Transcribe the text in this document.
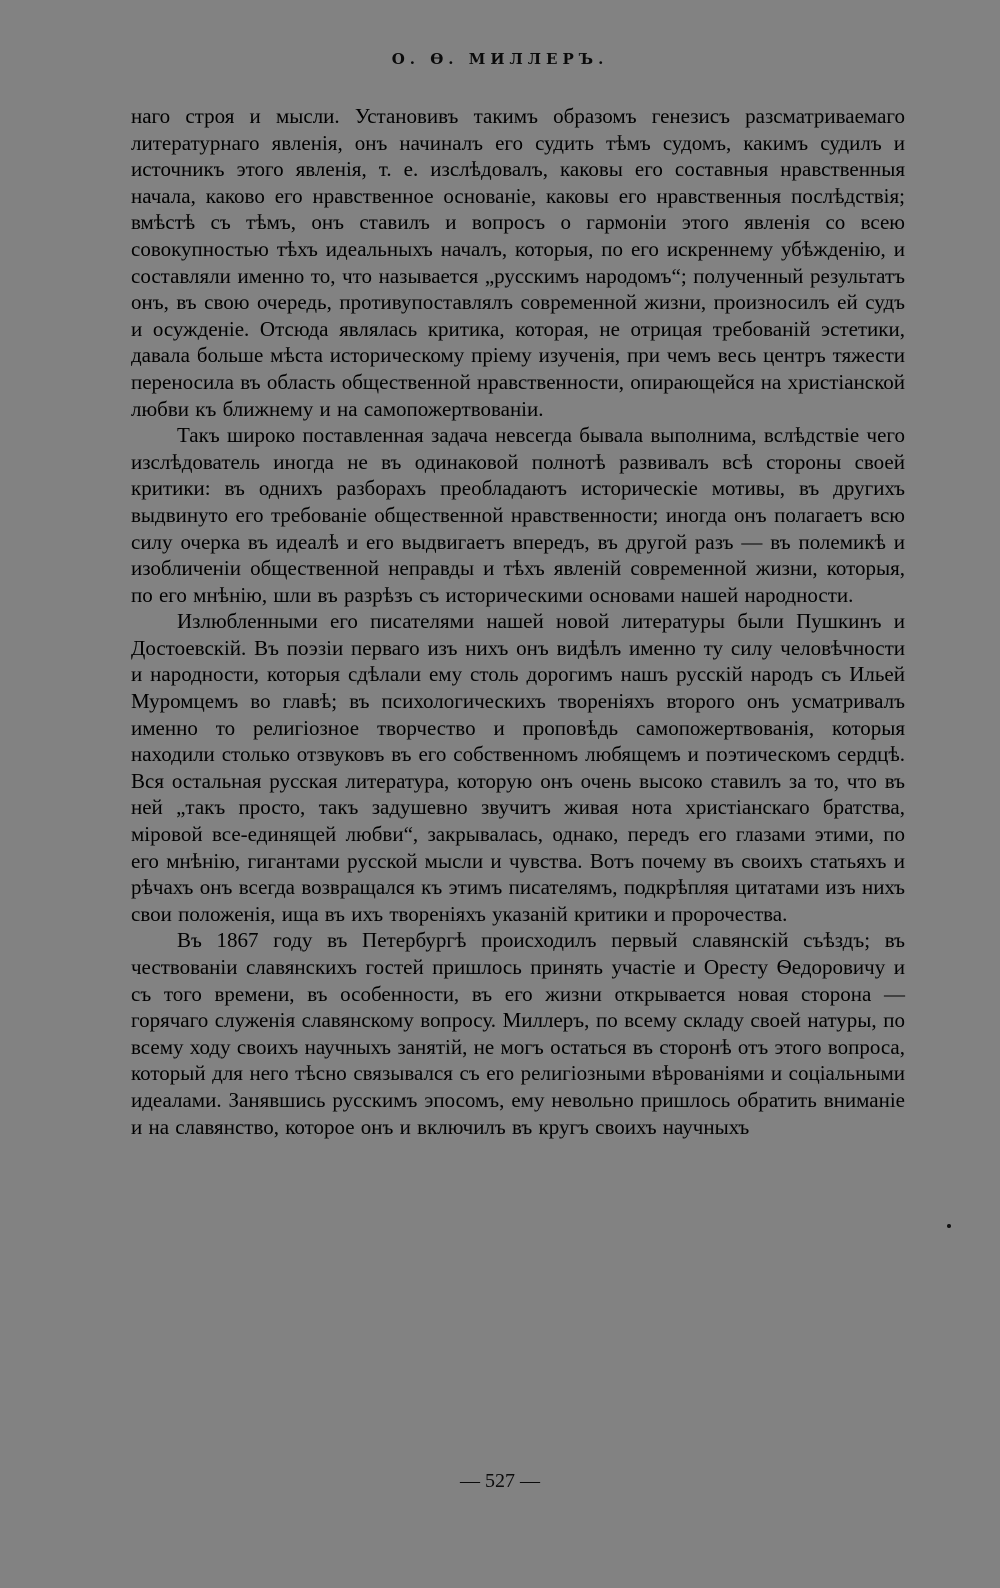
О. Ѳ. МИЛЛЕРЪ.

наго строя и мысли. Установивъ такимъ образомъ генезисъ разсматриваемаго литературнаго явленія, онъ начиналъ его судить тѣмъ судомъ, какимъ судилъ и источникъ этого явленія, т. е. изслѣдовалъ, каковы его составныя нравственныя начала, каково его нравственное основаніе, каковы его нравственныя послѣдствія; вмѣстѣ съ тѣмъ, онъ ставилъ и вопросъ о гармоніи этого явленія со всею совокупностью тѣхъ идеальныхъ началъ, которыя, по его искреннему убѣжденію, и составляли именно то, что называется „русскимъ народомъ“; полученный результатъ онъ, въ свою очередь, противупоставлялъ современной жизни, произносилъ ей судъ и осужденіе. Отсюда являлась критика, которая, не отрицая требованій эстетики, давала больше мѣста историческому пріему изученія, при чемъ весь центръ тяжести переносила въ область общественной нравственности, опирающейся на христіанской любви къ ближнему и на самопожертвованіи.

Такъ широко поставленная задача невсегда бывала выполнима, вслѣдствіе чего изслѣдователь иногда не въ одинаковой полнотѣ развивалъ всѣ стороны своей критики: въ однихъ разборахъ преобладаютъ историческіе мотивы, въ другихъ выдвинуто его требованіе общественной нравственности; иногда онъ полагаетъ всю силу очерка въ идеалѣ и его выдвигаетъ впередъ, въ другой разъ — въ полемикѣ и изобличеніи общественной неправды и тѣхъ явленій современной жизни, которыя, по его мнѣнію, шли въ разрѣзъ съ историческими основами нашей народности.

Излюбленными его писателями нашей новой литературы были Пушкинъ и Достоевскій. Въ поэзіи перваго изъ нихъ онъ видѣлъ именно ту силу человѣчности и народности, которыя сдѣлали ему столь дорогимъ нашъ русскій народъ съ Ильей Муромцемъ во главѣ; въ психологическихъ твореніяхъ второго онъ усматривалъ именно то религіозное творчество и проповѣдь самопожертвованія, которыя находили столько отзвуковъ въ его собственномъ любящемъ и поэтическомъ сердцѣ. Вся остальная русская литература, которую онъ очень высоко ставилъ за то, что въ ней „такъ просто, такъ задушевно звучитъ живая нота христіанскаго братства, міровой все-единящей любви“, закрывалась, однако, передъ его глазами этими, по его мнѣнію, гигантами русской мысли и чувства. Вотъ почему въ своихъ статьяхъ и рѣчахъ онъ всегда возвращался къ этимъ писателямъ, подкрѣпляя цитатами изъ нихъ свои положенія, ища въ ихъ твореніяхъ указаній критики и пророчества.

Въ 1867 году въ Петербургѣ происходилъ первый славянскій съѣздъ; въ чествованіи славянскихъ гостей пришлось принять участіе и Оресту Ѳедоровичу и съ того времени, въ особенности, въ его жизни открывается новая сторона — горячаго служенія славянскому вопросу. Миллеръ, по всему складу своей натуры, по всему ходу своихъ научныхъ занятій, не могъ остаться въ сторонѣ отъ этого вопроса, который для него тѣсно связывался съ его религіозными вѣрованіями и соціальными идеалами. Занявшись русскимъ эпосомъ, ему невольно пришлось обратить вниманіе и на славянство, которое онъ и включилъ въ кругъ своихъ научныхъ

— 527 —
